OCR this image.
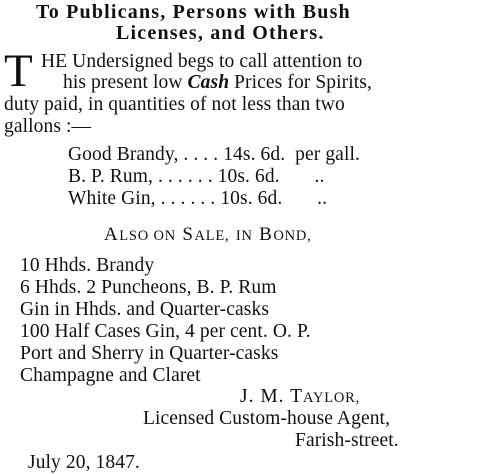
To Publicans, Persons with Bush
Licenses, and Others.
T HE Undersigned begs to call attention to
his present low Cash Prices for Spirits,
duty paid, in quantities of not less than two
gallons :—
Good Brandy, . . . . 14s. 6d.  per gall.
B. P. Rum, . . . . . . 10s. 6d.       ..
White Gin, . . . . . . 10s. 6d.       ..
ALSO ON SALE, IN BOND,
10 Hhds. Brandy
6 Hhds. 2 Puncheons, B. P. Rum
Gin in Hhds. and Quarter-casks
100 Half Cases Gin, 4 per cent. O. P.
Port and Sherry in Quarter-casks
Champagne and Claret
J. M. TAYLOR,
Licensed Custom-house Agent,
Farish-street.
July 20, 1847.
